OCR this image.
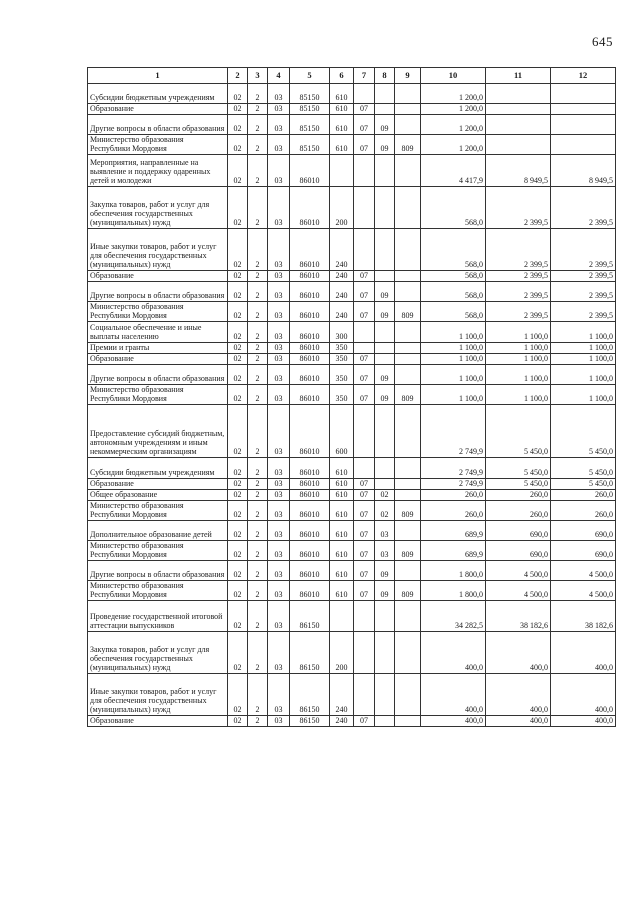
645
1	2	3	4	5	6	7	8	9	10	11	12
Субсидии бюджетным учреждениям	02	2	03	85150	610				1 200,0		
Образование	02	2	03	85150	610	07			1 200,0		
Другие вопросы в области образования	02	2	03	85150	610	07	09		1 200,0		
Министерство образования Республики Мордовия	02	2	03	85150	610	07	09	809	1 200,0		
Мероприятия, направленные на выявление и поддержку одаренных детей и молодежи	02	2	03	86010					4 417,9	8 949,5	8 949,5
Закупка товаров, работ и услуг для обеспечения государственных (муниципальных) нужд	02	2	03	86010	200				568,0	2 399,5	2 399,5
Иные закупки товаров, работ и услуг для обеспечения государственных (муниципальных) нужд	02	2	03	86010	240				568,0	2 399,5	2 399,5
Образование	02	2	03	86010	240	07			568,0	2 399,5	2 399,5
Другие вопросы в области образования	02	2	03	86010	240	07	09		568,0	2 399,5	2 399,5
Министерство образования Республики Мордовия	02	2	03	86010	240	07	09	809	568,0	2 399,5	2 399,5
Социальное обеспечение и иные выплаты населению	02	2	03	86010	300				1 100,0	1 100,0	1 100,0
Премии и гранты	02	2	03	86010	350				1 100,0	1 100,0	1 100,0
Образование	02	2	03	86010	350	07			1 100,0	1 100,0	1 100,0
Другие вопросы в области образования	02	2	03	86010	350	07	09		1 100,0	1 100,0	1 100,0
Министерство образования Республики Мордовия	02	2	03	86010	350	07	09	809	1 100,0	1 100,0	1 100,0
Предоставление субсидий бюджетным, автономным учреждениям и иным некоммерческим организациям	02	2	03	86010	600				2 749,9	5 450,0	5 450,0
Субсидии бюджетным учреждениям	02	2	03	86010	610				2 749,9	5 450,0	5 450,0
Образование	02	2	03	86010	610	07			2 749,9	5 450,0	5 450,0
Общее образование	02	2	03	86010	610	07	02		260,0	260,0	260,0
Министерство образования Республики Мордовия	02	2	03	86010	610	07	02	809	260,0	260,0	260,0
Дополнительное образование детей	02	2	03	86010	610	07	03		689,9	690,0	690,0
Министерство образования Республики Мордовия	02	2	03	86010	610	07	03	809	689,9	690,0	690,0
Другие вопросы в области образования	02	2	03	86010	610	07	09		1 800,0	4 500,0	4 500,0
Министерство образования Республики Мордовия	02	2	03	86010	610	07	09	809	1 800,0	4 500,0	4 500,0
Проведение государственной итоговой аттестации выпускников	02	2	03	86150					34 282,5	38 182,6	38 182,6
Закупка товаров, работ и услуг для обеспечения государственных (муниципальных) нужд	02	2	03	86150	200				400,0	400,0	400,0
Иные закупки товаров, работ и услуг для обеспечения государственных (муниципальных) нужд	02	2	03	86150	240				400,0	400,0	400,0
Образование	02	2	03	86150	240	07			400,0	400,0	400,0
